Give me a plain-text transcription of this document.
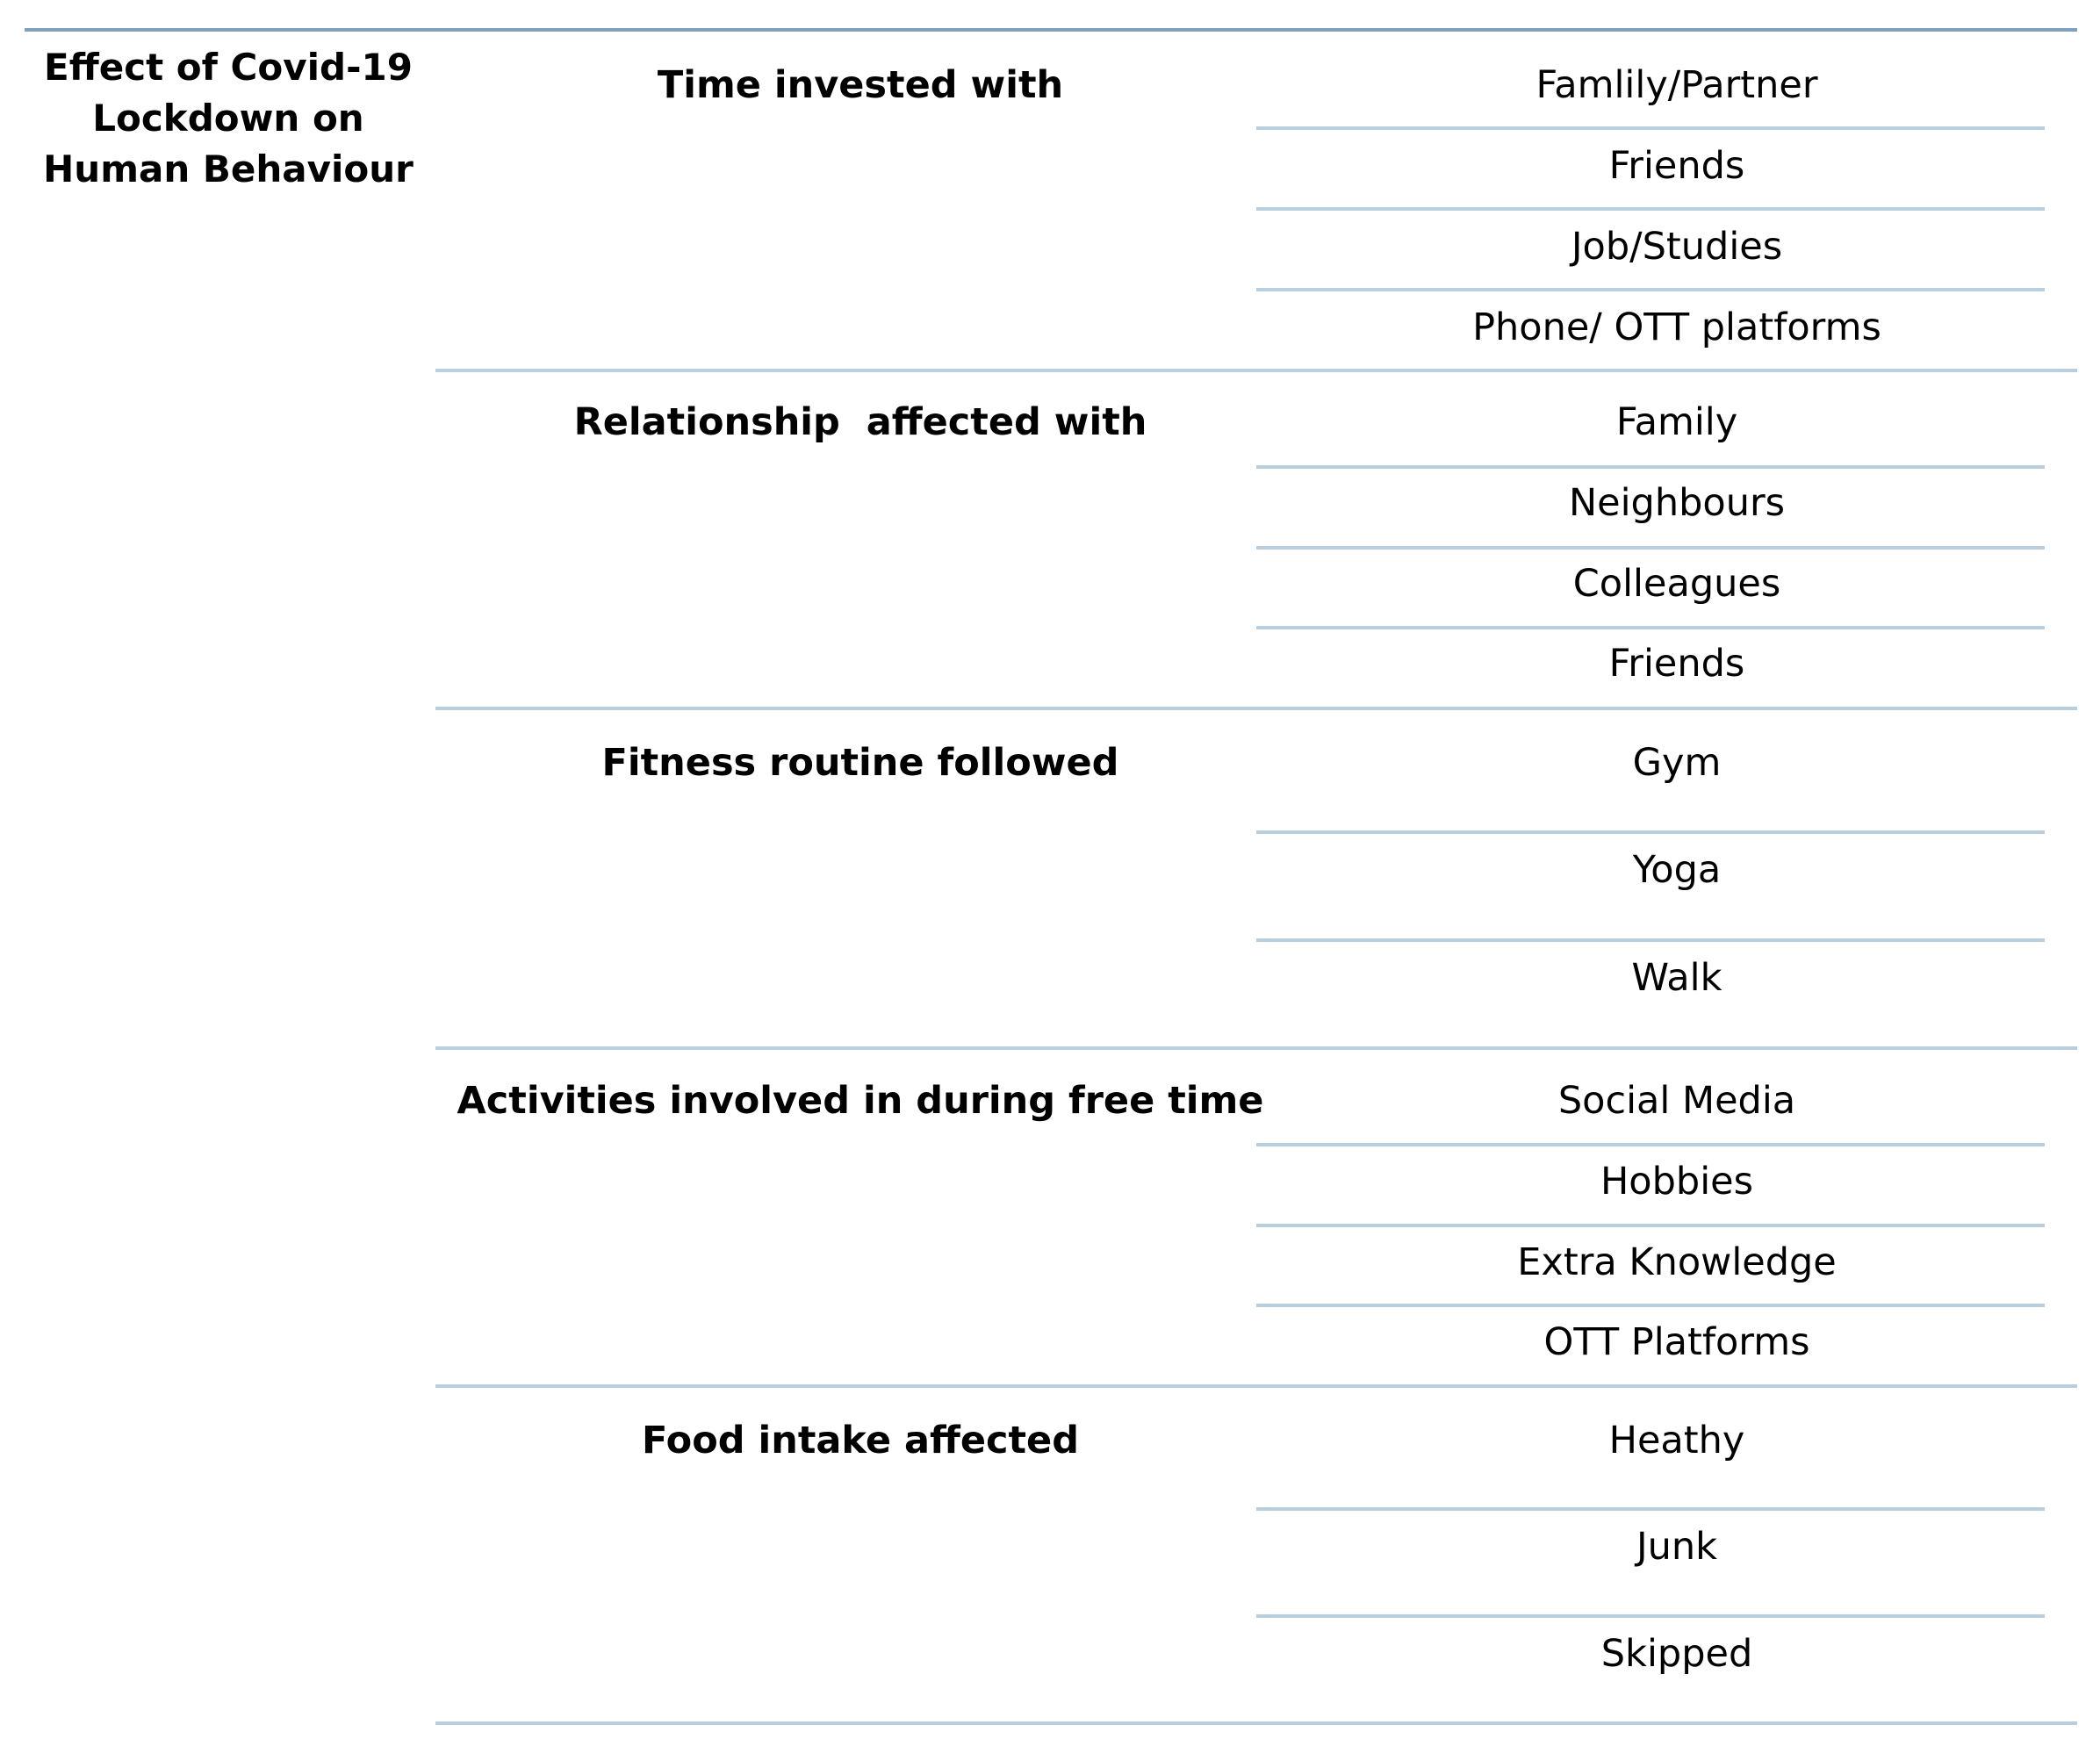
Effect of Covid-19
Lockdown on
Human Behaviour
Time invested with	Famlily/Partner
Friends
Job/Studies
Phone/ OTT platforms
Relationship  affected with	Family
Neighbours
Colleagues
Friends
Fitness routine followed	Gym
Yoga
Walk
Activities involved in during free time	Social Media
Hobbies
Extra Knowledge
OTT Platforms
Food intake affected	Heathy
Junk
Skipped
